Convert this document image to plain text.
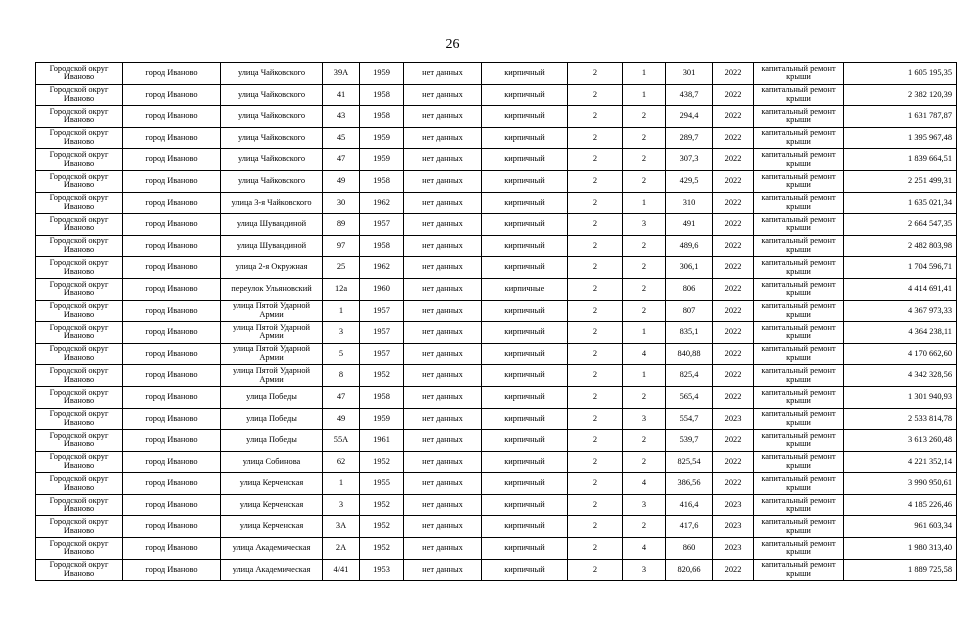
26
Городской округ Иваново	город Иваново	улица Чайковского	39А	1959	нет данных	кирпичный	2	1	301	2022	капитальный ремонт крыши	1 605 195,35
Городской округ Иваново	город Иваново	улица Чайковского	41	1958	нет данных	кирпичный	2	1	438,7	2022	капитальный ремонт крыши	2 382 120,39
Городской округ Иваново	город Иваново	улица Чайковского	43	1958	нет данных	кирпичный	2	2	294,4	2022	капитальный ремонт крыши	1 631 787,87
Городской округ Иваново	город Иваново	улица Чайковского	45	1959	нет данных	кирпичный	2	2	289,7	2022	капитальный ремонт крыши	1 395 967,48
Городской округ Иваново	город Иваново	улица Чайковского	47	1959	нет данных	кирпичный	2	2	307,3	2022	капитальный ремонт крыши	1 839 664,51
Городской округ Иваново	город Иваново	улица Чайковского	49	1958	нет данных	кирпичный	2	2	429,5	2022	капитальный ремонт крыши	2 251 499,31
Городской округ Иваново	город Иваново	улица 3-я Чайковского	30	1962	нет данных	кирпичный	2	1	310	2022	капитальный ремонт крыши	1 635 021,34
Городской округ Иваново	город Иваново	улица Шувандиной	89	1957	нет данных	кирпичный	2	3	491	2022	капитальный ремонт крыши	2 664 547,35
Городской округ Иваново	город Иваново	улица Шувандиной	97	1958	нет данных	кирпичный	2	2	489,6	2022	капитальный ремонт крыши	2 482 803,98
Городской округ Иваново	город Иваново	улица 2-я Окружная	25	1962	нет данных	кирпичный	2	2	306,1	2022	капитальный ремонт крыши	1 704 596,71
Городской округ Иваново	город Иваново	переулок Ульяновский	12а	1960	нет данных	кирпичные	2	2	806	2022	капитальный ремонт крыши	4 414 691,41
Городской округ Иваново	город Иваново	улица Пятой Ударной Армии	1	1957	нет данных	кирпичный	2	2	807	2022	капитальный ремонт крыши	4 367 973,33
Городской округ Иваново	город Иваново	улица Пятой Ударной Армии	3	1957	нет данных	кирпичный	2	1	835,1	2022	капитальный ремонт крыши	4 364 238,11
Городской округ Иваново	город Иваново	улица Пятой Ударной Армии	5	1957	нет данных	кирпичный	2	4	840,88	2022	капитальный ремонт крыши	4 170 662,60
Городской округ Иваново	город Иваново	улица Пятой Ударной Армии	8	1952	нет данных	кирпичный	2	1	825,4	2022	капитальный ремонт крыши	4 342 328,56
Городской округ Иваново	город Иваново	улица Победы	47	1958	нет данных	кирпичный	2	2	565,4	2022	капитальный ремонт крыши	1 301 940,93
Городской округ Иваново	город Иваново	улица Победы	49	1959	нет данных	кирпичный	2	3	554,7	2023	капитальный ремонт крыши	2 533 814,78
Городской округ Иваново	город Иваново	улица Победы	55А	1961	нет данных	кирпичный	2	2	539,7	2022	капитальный ремонт крыши	3 613 260,48
Городской округ Иваново	город Иваново	улица Собинова	62	1952	нет данных	кирпичный	2	2	825,54	2022	капитальный ремонт крыши	4 221 352,14
Городской округ Иваново	город Иваново	улица Керченская	1	1955	нет данных	кирпичный	2	4	386,56	2022	капитальный ремонт крыши	3 990 950,61
Городской округ Иваново	город Иваново	улица Керченская	3	1952	нет данных	кирпичный	2	3	416,4	2023	капитальный ремонт крыши	4 185 226,46
Городской округ Иваново	город Иваново	улица Керченская	3А	1952	нет данных	кирпичный	2	2	417,6	2023	капитальный ремонт крыши	961 603,34
Городской округ Иваново	город Иваново	улица Академическая	2А	1952	нет данных	кирпичный	2	4	860	2023	капитальный ремонт крыши	1 980 313,40
Городской округ Иваново	город Иваново	улица Академическая	4/41	1953	нет данных	кирпичный	2	3	820,66	2022	капитальный ремонт крыши	1 889 725,58
